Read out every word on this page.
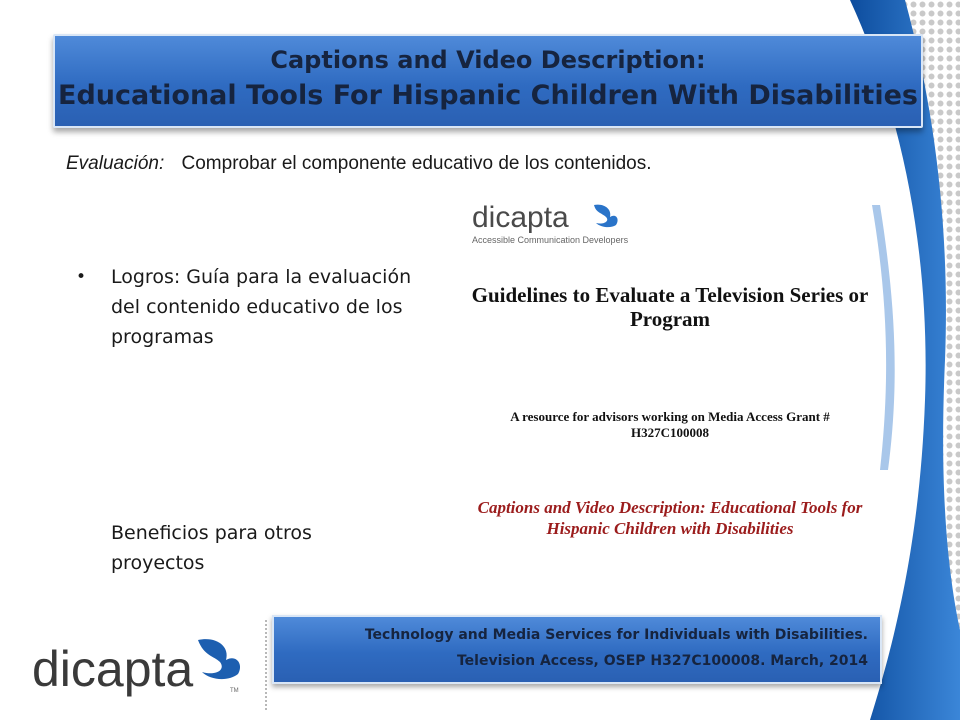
Captions and Video Description:
Educational Tools For Hispanic Children With Disabilities
Evaluación: Comprobar el componente educativo de los contenidos.
dicapta
Accessible Communication Developers
• Logros: Guía para la evaluación del contenido educativo de los programas
Beneficios para otros proyectos
Guidelines to Evaluate a Television Series or Program
A resource for advisors working on Media Access Grant # H327C100008
Captions and Video Description: Educational Tools for Hispanic Children with Disabilities
Technology and Media Services for Individuals with Disabilities.
Television Access, OSEP H327C100008. March, 2014
dicapta	TM
